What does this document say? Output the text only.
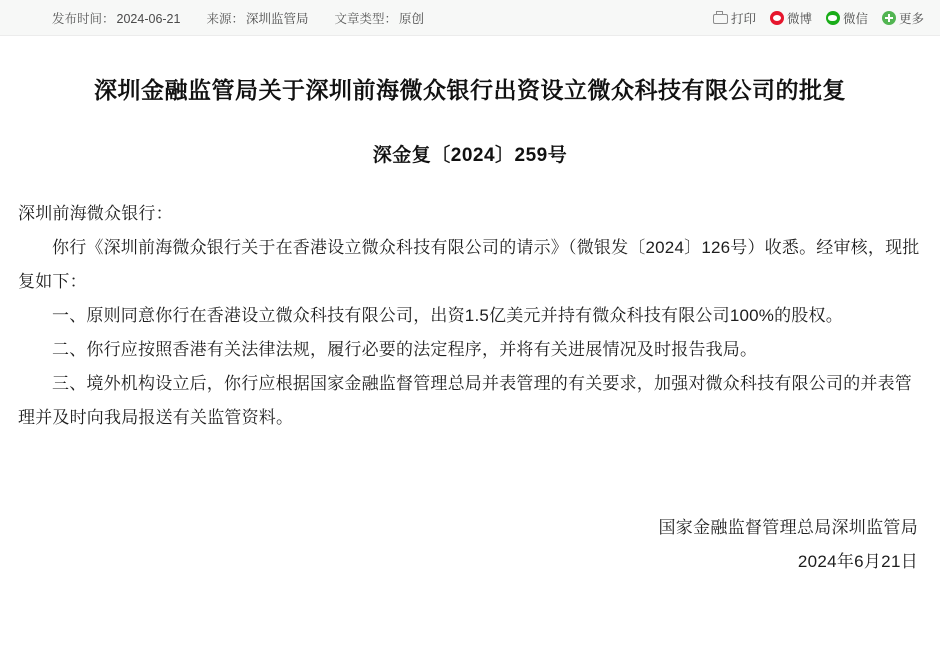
发布时间： 2024-06-21 来源： 深圳监管局 文章类型： 原创	打印 微博 微信 更多
深圳金融监管局关于深圳前海微众银行出资设立微众科技有限公司的批复
深金复〔2024〕259号

深圳前海微众银行：

你行《深圳前海微众银行关于在香港设立微众科技有限公司的请示》（微银发〔2024〕126号）收悉。经审核，现批复如下：

一、原则同意你行在香港设立微众科技有限公司，出资1.5亿美元并持有微众科技有限公司100%的股权。

二、你行应按照香港有关法律法规，履行必要的法定程序，并将有关进展情况及时报告我局。

三、境外机构设立后，你行应根据国家金融监督管理总局并表管理的有关要求，加强对微众科技有限公司的并表管理并及时向我局报送有关监管资料。

国家金融监督管理总局深圳监管局
2024年6月21日
